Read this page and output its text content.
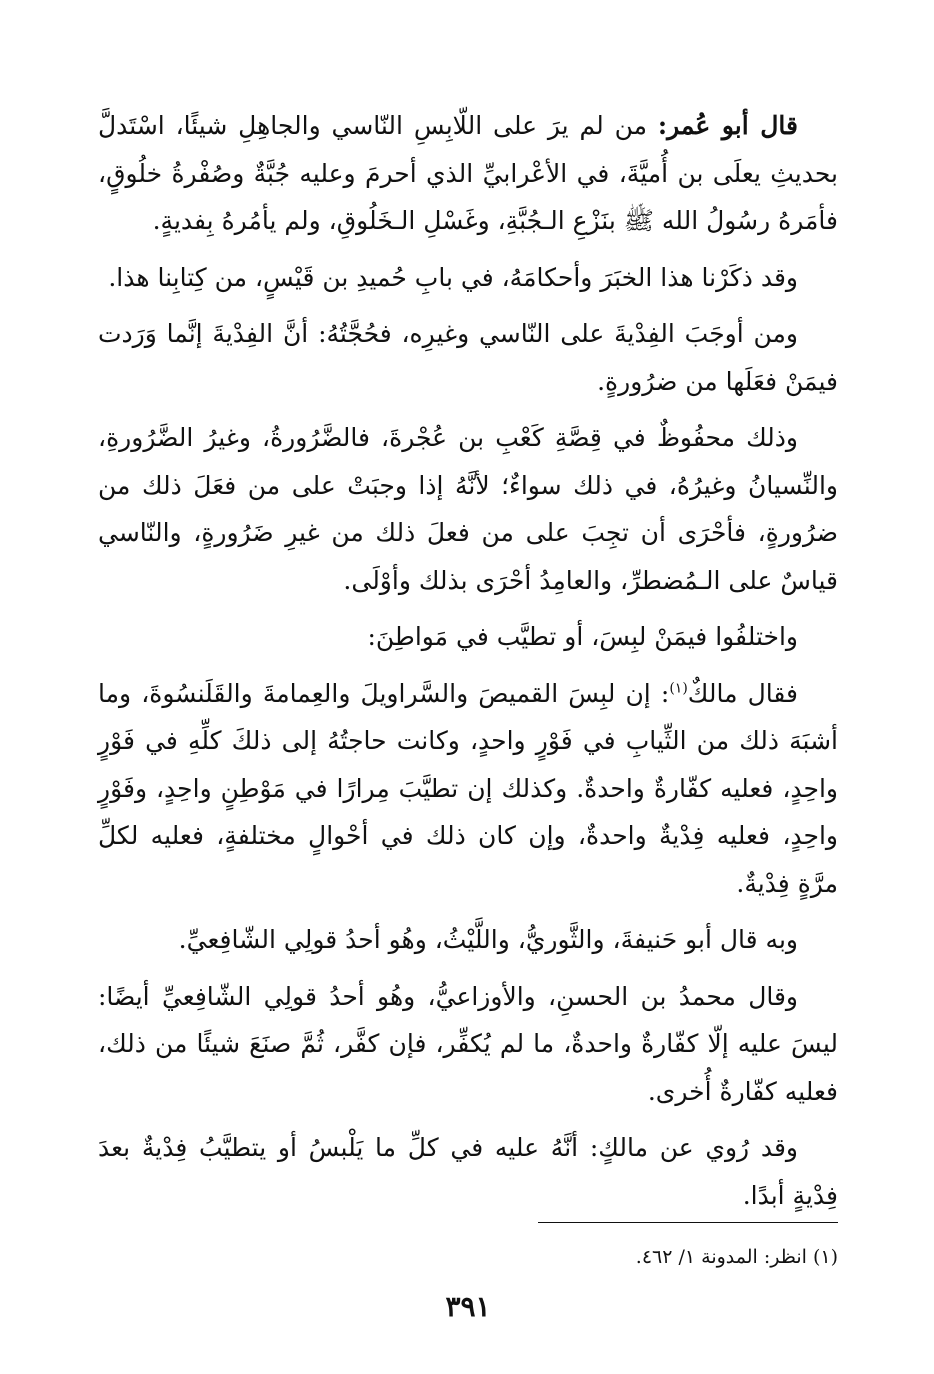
قال أبو عُمر: من لم يرَ على اللّابِسِ النّاسي والجاهِلِ شيئًا، اسْتَدلَّ بحديثِ يعلَى بن أُميَّةَ، في الأعْرابيِّ الذي أحرمَ وعليه جُبَّةٌ وصُفْرةُ خلُوقٍ، فأمَرهُ رسُولُ الله ﷺ بنَزْعِ الـجُبَّةِ، وغَسْلِ الـخَلُوقِ، ولم يأمُرهُ بِفديةٍ.

وقد ذكَرْنا هذا الخبَرَ وأحكامَهُ، في بابِ حُميدِ بن قَيْسٍ، من كِتابِنا هذا.

ومن أوجَبَ الفِدْيةَ على النّاسي وغيرِه، فحُجَّتُهُ: أنَّ الفِدْيةَ إنَّما وَرَدت فيمَنْ فعَلَها من ضرُورةٍ.

وذلك محفُوظٌ في قِصَّةِ كَعْبِ بن عُجْرةَ، فالضَّرُورةُ، وغيرُ الضَّرُورةِ، والنِّسيانُ وغيرُهُ، في ذلك سواءٌ؛ لأنَّهُ إذا وجبَتْ على من فعَلَ ذلك من ضرُورةٍ، فأحْرَى أن تجِبَ على من فعلَ ذلك من غيرِ ضَرُورةٍ، والنّاسي قياسٌ على الـمُضطرِّ، والعامِدُ أحْرَى بذلك وأوْلَى.

واختلفُوا فيمَنْ لبِسَ، أو تطيَّب في مَواطِنَ:

فقال مالكٌ$^{(١)}$: إن لبِسَ القميصَ والسَّراويلَ والعِمامةَ والقَلَنسُوةَ، وما أشبَهَ ذلك من الثِّيابِ في فَوْرٍ واحدٍ، وكانت حاجتُهُ إلى ذلكَ كلِّهِ في فَوْرٍ واحِدٍ، فعليه كفّارةٌ واحدةٌ. وكذلك إن تطيَّبَ مِرارًا في مَوْطِنٍ واحِدٍ، وفَوْرٍ واحِدٍ، فعليه فِدْيةٌ واحدةٌ، وإن كان ذلك في أحْوالٍ مختلفةٍ، فعليه لكلِّ مرَّةٍ فِدْيةٌ.

وبه قال أبو حَنيفةَ، والثَّوريُّ، واللَّيْثُ، وهُو أحدُ قولِي الشّافِعيِّ.

وقال محمدُ بن الحسنِ، والأوزاعيُّ، وهُو أحدُ قولِي الشّافِعيِّ أيضًا: ليسَ عليه إلّا كفّارةٌ واحدةٌ، ما لم يُكفِّر، فإن كفَّر، ثُمَّ صنَعَ شيئًا من ذلك، فعليه كفّارةٌ أُخرى.

وقد رُوي عن مالكٍ: أنَّهُ عليه في كلِّ ما يَلْبسُ أو يتطيَّبُ فِدْيةٌ بعدَ فِدْيةٍ أبدًا.

(١) انظر: المدونة ١/ ٤٦٢.
٣٩١
